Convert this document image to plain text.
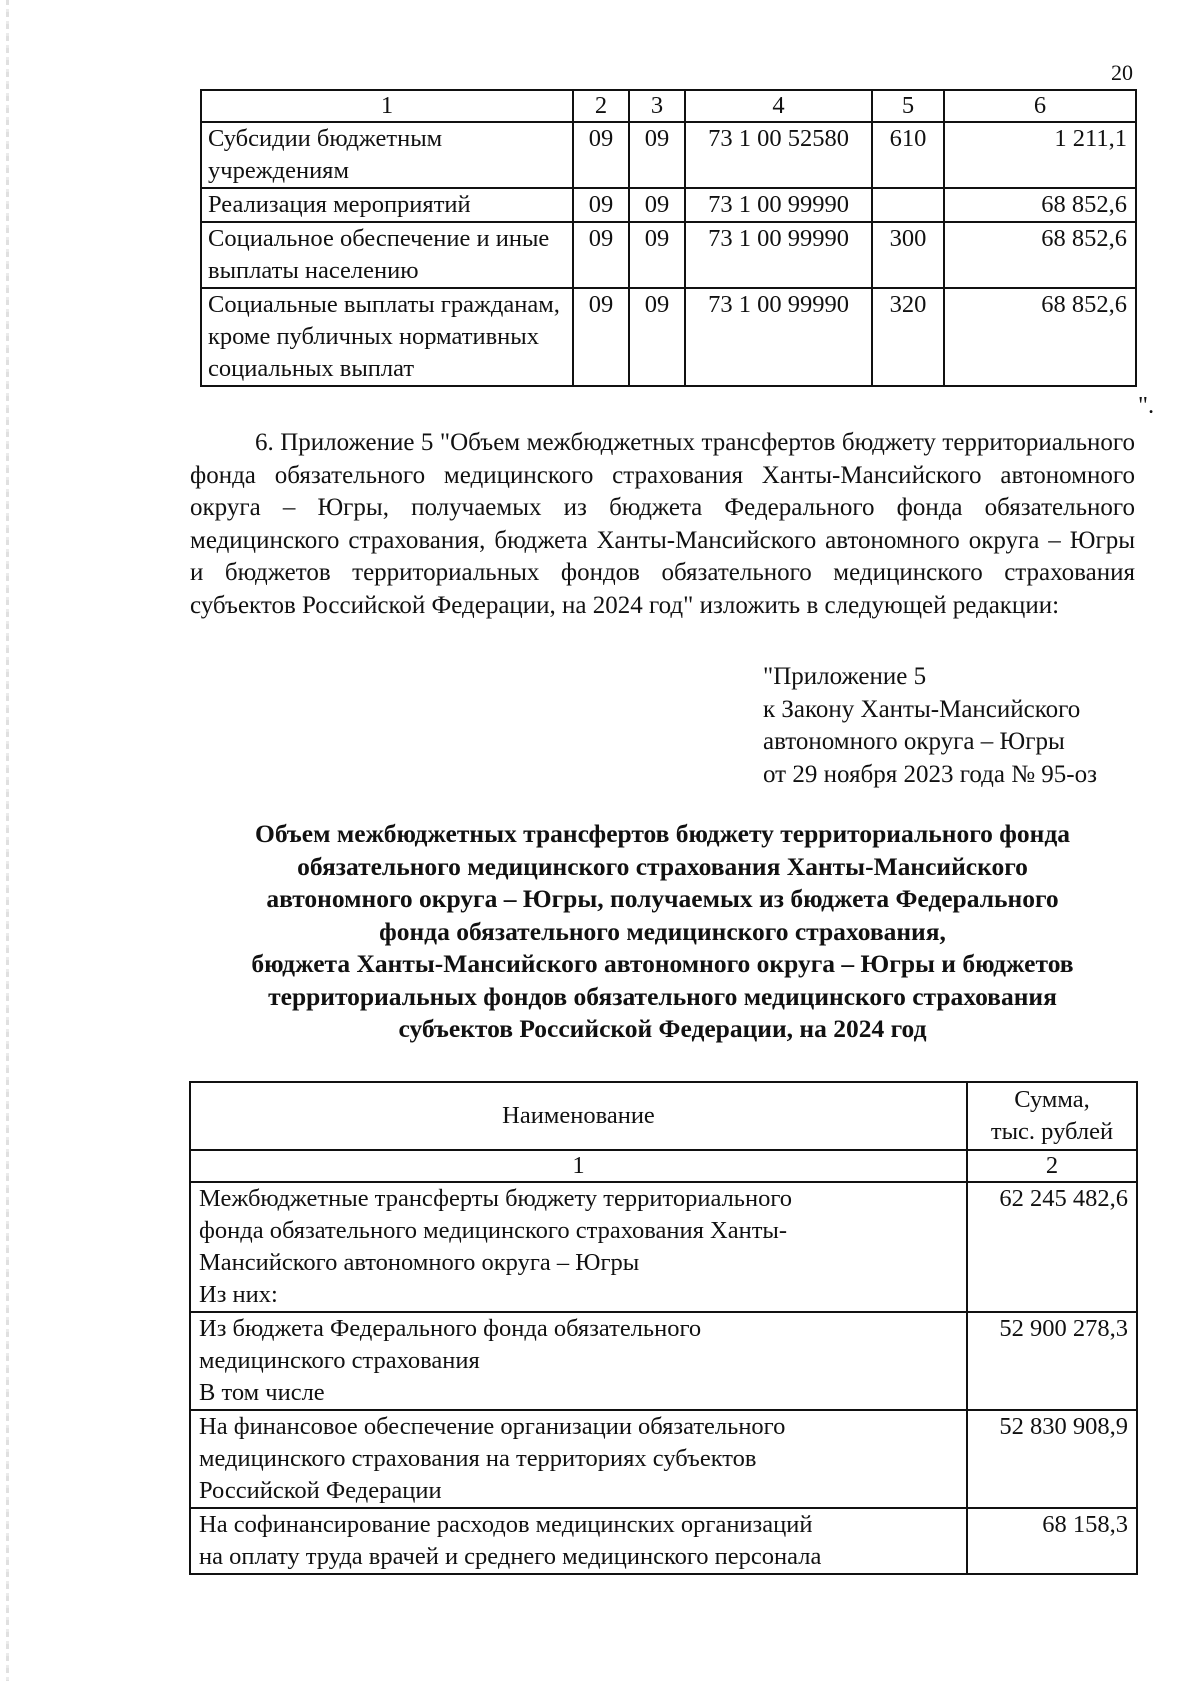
20
1	2	3	4	5	6
Субсидии бюджетным учреждениям	09	09	73 1 00 52580	610	1 211,1
Реализация мероприятий	09	09	73 1 00 99990		68 852,6
Социальное обеспечение и иные выплаты населению	09	09	73 1 00 99990	300	68 852,6
Социальные выплаты гражданам, кроме публичных нормативных социальных выплат	09	09	73 1 00 99990	320	68 852,6
".

6. Приложение 5 "Объем межбюджетных трансфертов бюджету территориального фонда обязательного медицинского страхования Ханты-Мансийского автономного округа – Югры, получаемых из бюджета Федерального фонда обязательного медицинского страхования, бюджета Ханты-Мансийского автономного округа – Югры и бюджетов территориальных фондов обязательного медицинского страхования субъектов Российской Федерации, на 2024 год" изложить в следующей редакции:

"Приложение 5
к Закону Ханты-Мансийского
автономного округа – Югры
от 29 ноября 2023 года № 95-оз
Объем межбюджетных трансфертов бюджету территориального фонда
обязательного медицинского страхования Ханты-Мансийского
автономного округа – Югры, получаемых из бюджета Федерального
фонда обязательного медицинского страхования,
бюджета Ханты-Мансийского автономного округа – Югры и бюджетов
территориальных фондов обязательного медицинского страхования
субъектов Российской Федерации, на 2024 год
Наименование	Сумма,
тыс. рублей

1	2

Межбюджетные трансферты бюджету территориального
фонда обязательного медицинского страхования Ханты-
Мансийского автономного округа – Югры
Из них:	62 245 482,6

Из бюджета Федерального фонда обязательного
медицинского страхования
В том числе	52 900 278,3

На финансовое обеспечение организации обязательного
медицинского страхования на территориях субъектов
Российской Федерации	52 830 908,9

На софинансирование расходов медицинских организаций
на оплату труда врачей и среднего медицинского персонала	68 158,3
